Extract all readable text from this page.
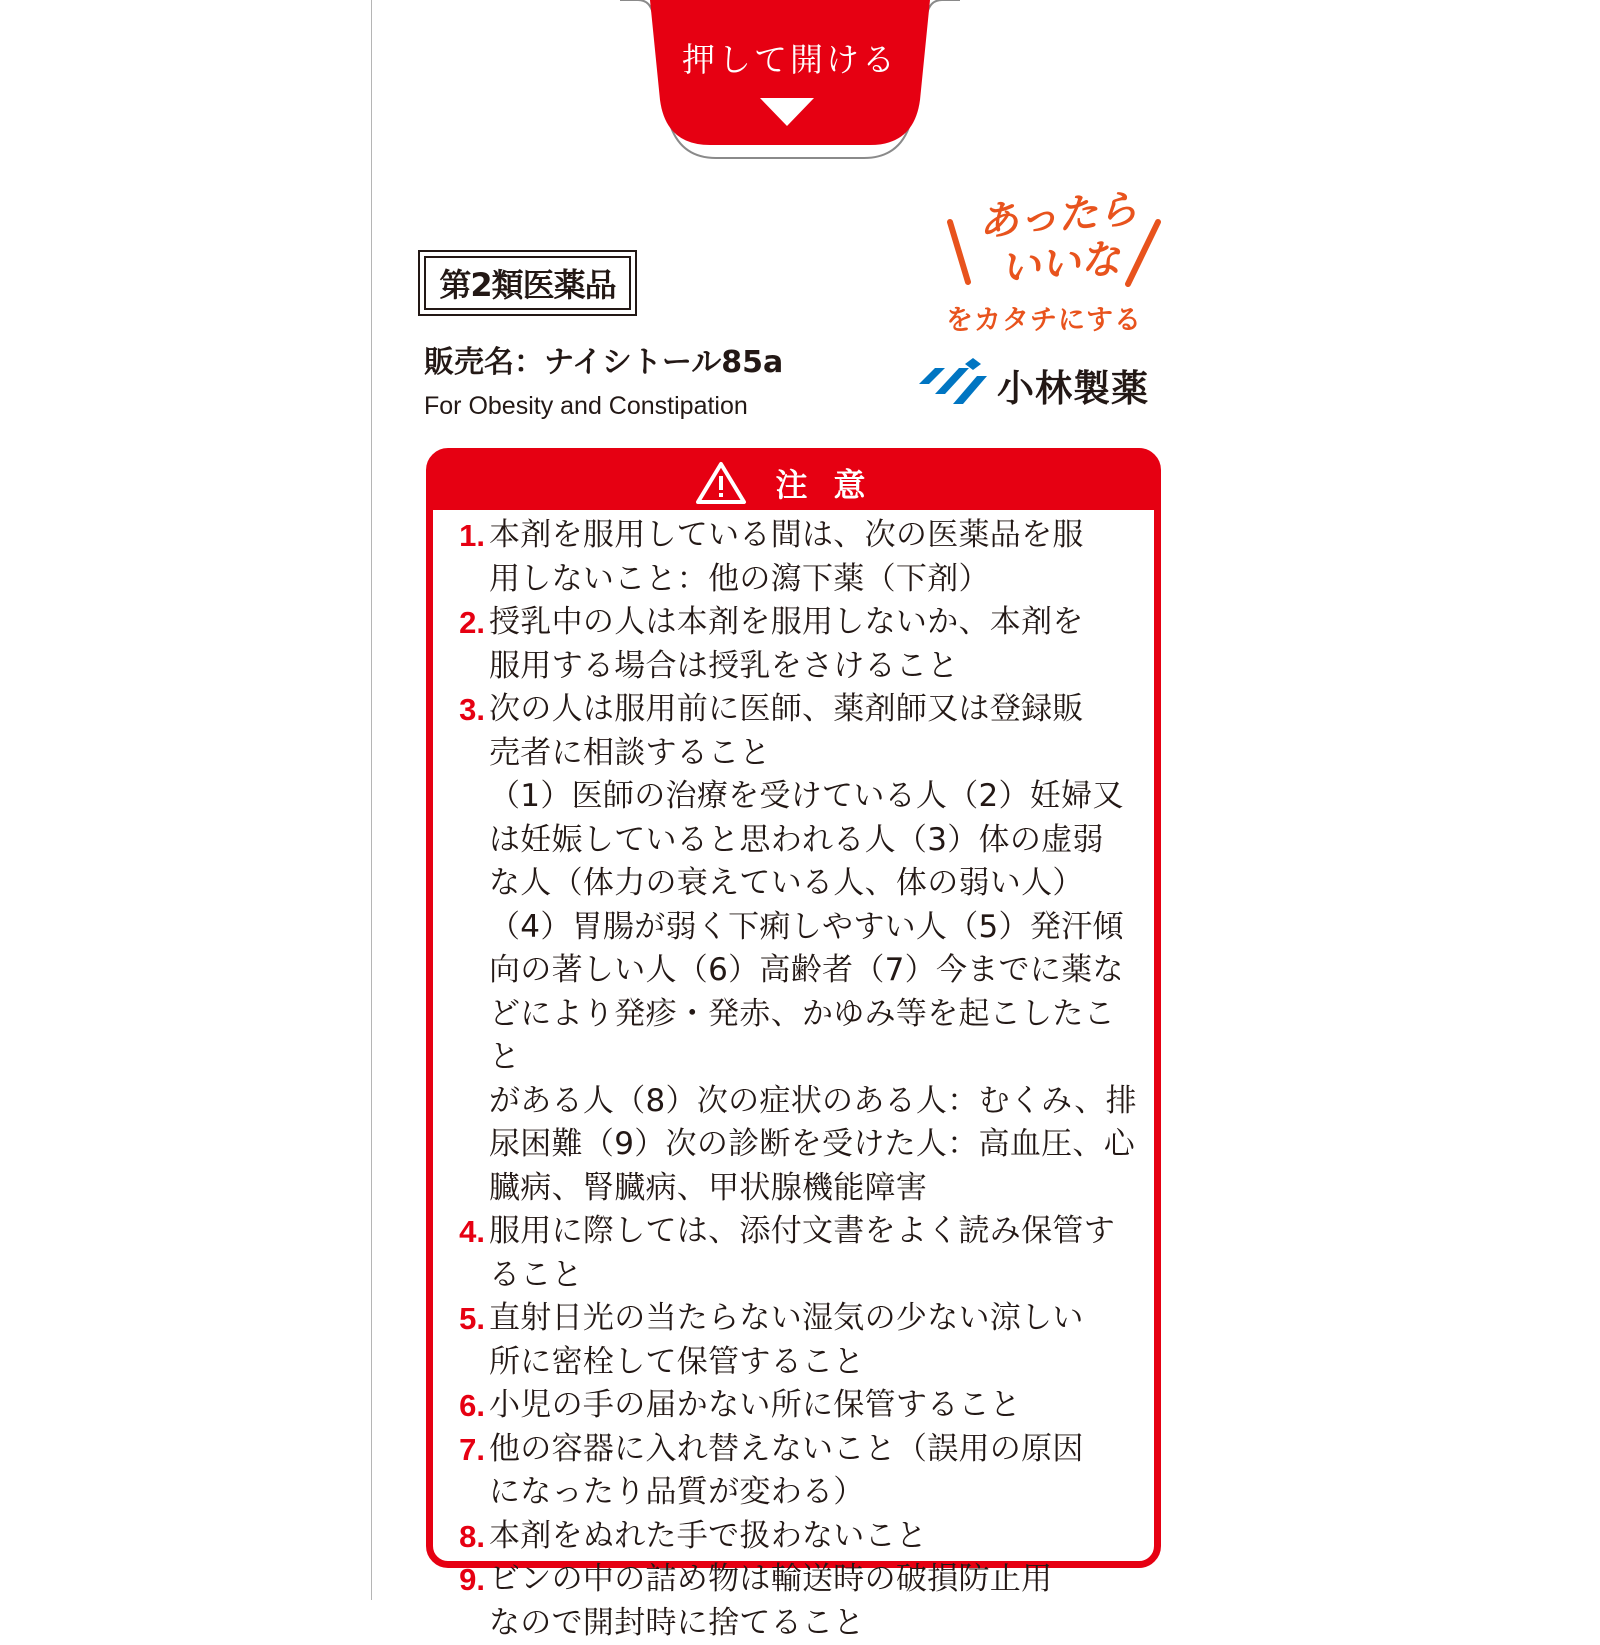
押して開ける
第2類医薬品
販売名：ナイシトール85a
For Obesity and Constipation
あったら
いいな
をカタチにする
小林製薬
注意
1. 本剤を服用している間は、次の医薬品を服
用しないこと：他の瀉下薬（下剤）
2. 授乳中の人は本剤を服用しないか、本剤を
服用する場合は授乳をさけること
3. 次の人は服用前に医師、薬剤師又は登録販
売者に相談すること
（1）医師の治療を受けている人（2）妊婦又
は妊娠していると思われる人（3）体の虚弱
な人（体力の衰えている人、体の弱い人）
（4）胃腸が弱く下痢しやすい人（5）発汗傾
向の著しい人（6）高齢者（7）今までに薬な
どにより発疹・発赤、かゆみ等を起こしたこと
がある人（8）次の症状のある人：むくみ、排
尿困難（9）次の診断を受けた人：高血圧、心
臓病、腎臓病、甲状腺機能障害
4. 服用に際しては、添付文書をよく読み保管すること
5. 直射日光の当たらない湿気の少ない涼しい
所に密栓して保管すること
6. 小児の手の届かない所に保管すること
7. 他の容器に入れ替えないこと（誤用の原因
になったり品質が変わる）
8. 本剤をぬれた手で扱わないこと
9. ビンの中の詰め物は輸送時の破損防止用
なので開封時に捨てること
